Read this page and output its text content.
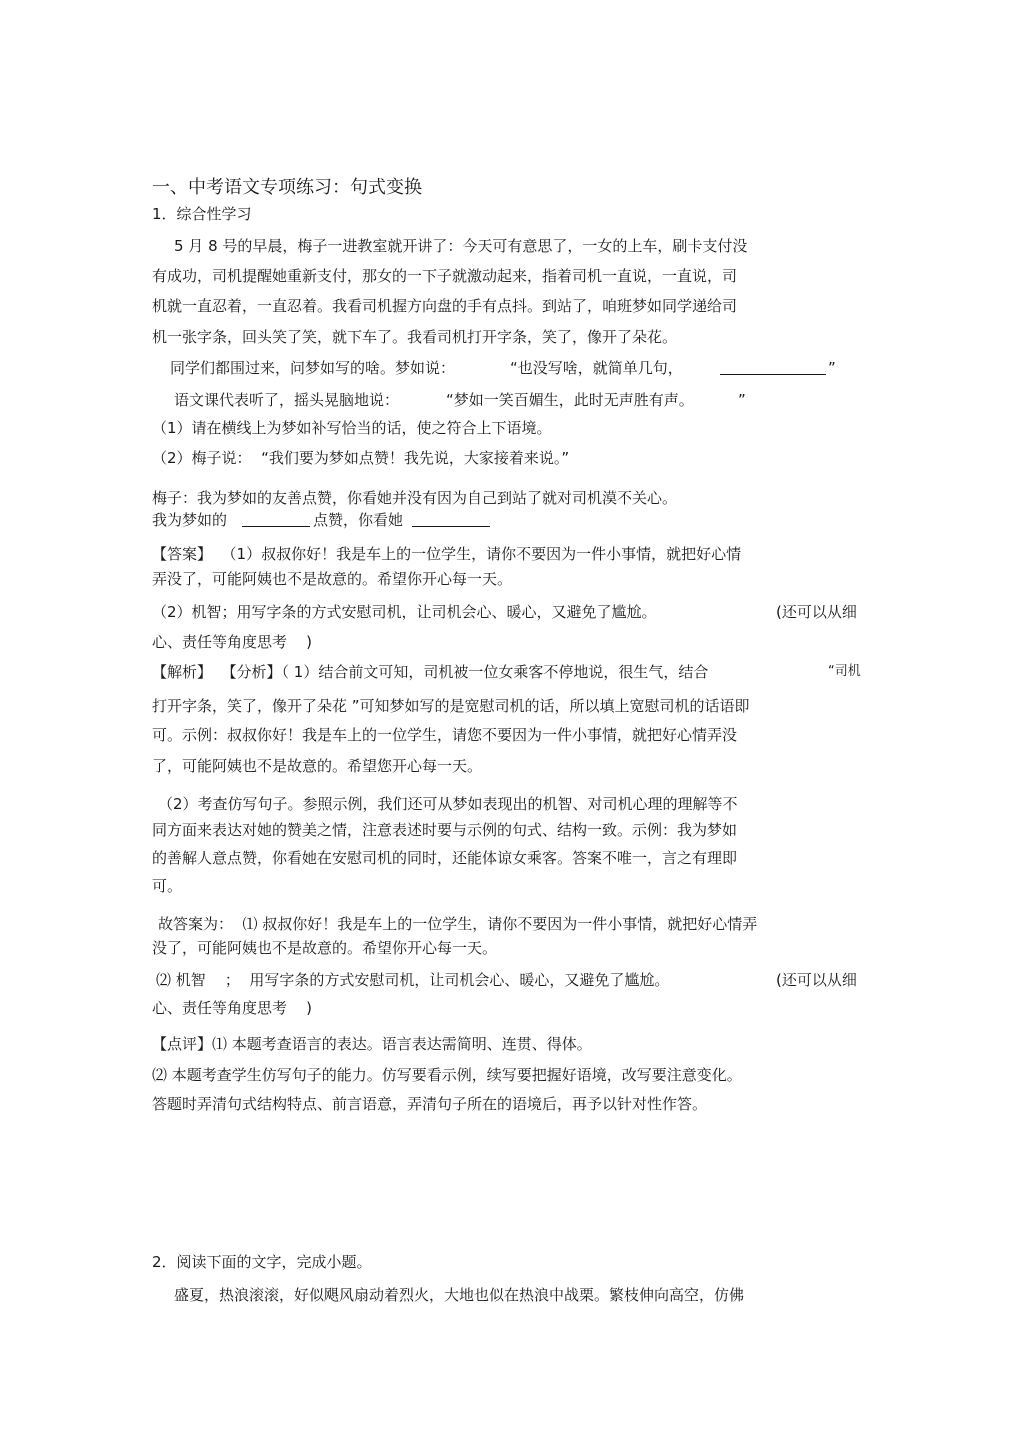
一、中考语文专项练习：句式变换
1．综合性学习
5 月 8 号的早晨，梅子一进教室就开讲了：今天可有意思了，一女的上车，刷卡支付没
有成功，司机提醒她重新支付，那女的一下子就激动起来，指着司机一直说，一直说，司
机就一直忍着，一直忍着。我看司机握方向盘的手有点抖。到站了，咱班梦如同学递给司
机一张字条，回头笑了笑，就下车了。我看司机打开字条，笑了，像开了朵花。
同学们都围过来，问梦如写的啥。梦如说：	“也没写啥，就简单几句，	”
语文课代表听了，摇头晃脑地说：	“梦如一笑百媚生，此时无声胜有声。	”
（1）请在横线上为梦如补写恰当的话，使之符合上下语境。
（2）梅子说：  “我们要为梦如点赞！我先说，大家接着来说。”
梅子：我为梦如的友善点赞，你看她并没有因为自己到站了就对司机漠不关心。
我为梦如的	点赞，你看她
【答案】  （1）叔叔你好！我是车上的一位学生，请你不要因为一件小事情，就把好心情
弄没了，可能阿姨也不是故意的。希望你开心每一天。
（2）机智；用写字条的方式安慰司机，让司机会心、暖心，又避免了尴尬。	(还可以从细
心、责任等角度思考    )
【解析】  【分析】（ 1）结合前文可知，司机被一位女乘客不停地说，很生气，结合	“司机
打开字条，笑了，像开了朵花 ”可知梦如写的是宽慰司机的话，所以填上宽慰司机的话语即
可。示例：叔叔你好！我是车上的一位学生，请您不要因为一件小事情，就把好心情弄没
了，可能阿姨也不是故意的。希望您开心每一天。
（2）考查仿写句子。参照示例，我们还可从梦如表现出的机智、对司机心理的理解等不
同方面来表达对她的赞美之情，注意表述时要与示例的句式、结构一致。示例：我为梦如
的善解人意点赞，你看她在安慰司机的同时，还能体谅女乘客。答案不唯一，言之有理即
可。
故答案为：  ⑴ 叔叔你好！我是车上的一位学生，请你不要因为一件小事情，就把好心情弄
没了，可能阿姨也不是故意的。希望你开心每一天。
⑵ 机智    ；  用写字条的方式安慰司机，让司机会心、暖心，又避免了尴尬。	(还可以从细
心、责任等角度思考    )
【点评】⑴ 本题考查语言的表达。语言表达需简明、连贯、得体。
⑵ 本题考查学生仿写句子的能力。仿写要看示例，续写要把握好语境，改写要注意变化。
答题时弄清句式结构特点、前言语意，弄清句子所在的语境后，再予以针对性作答。
2．阅读下面的文字，完成小题。
盛夏，热浪滚滚，好似飓风扇动着烈火，大地也似在热浪中战栗。繁枝伸向高空，仿佛
